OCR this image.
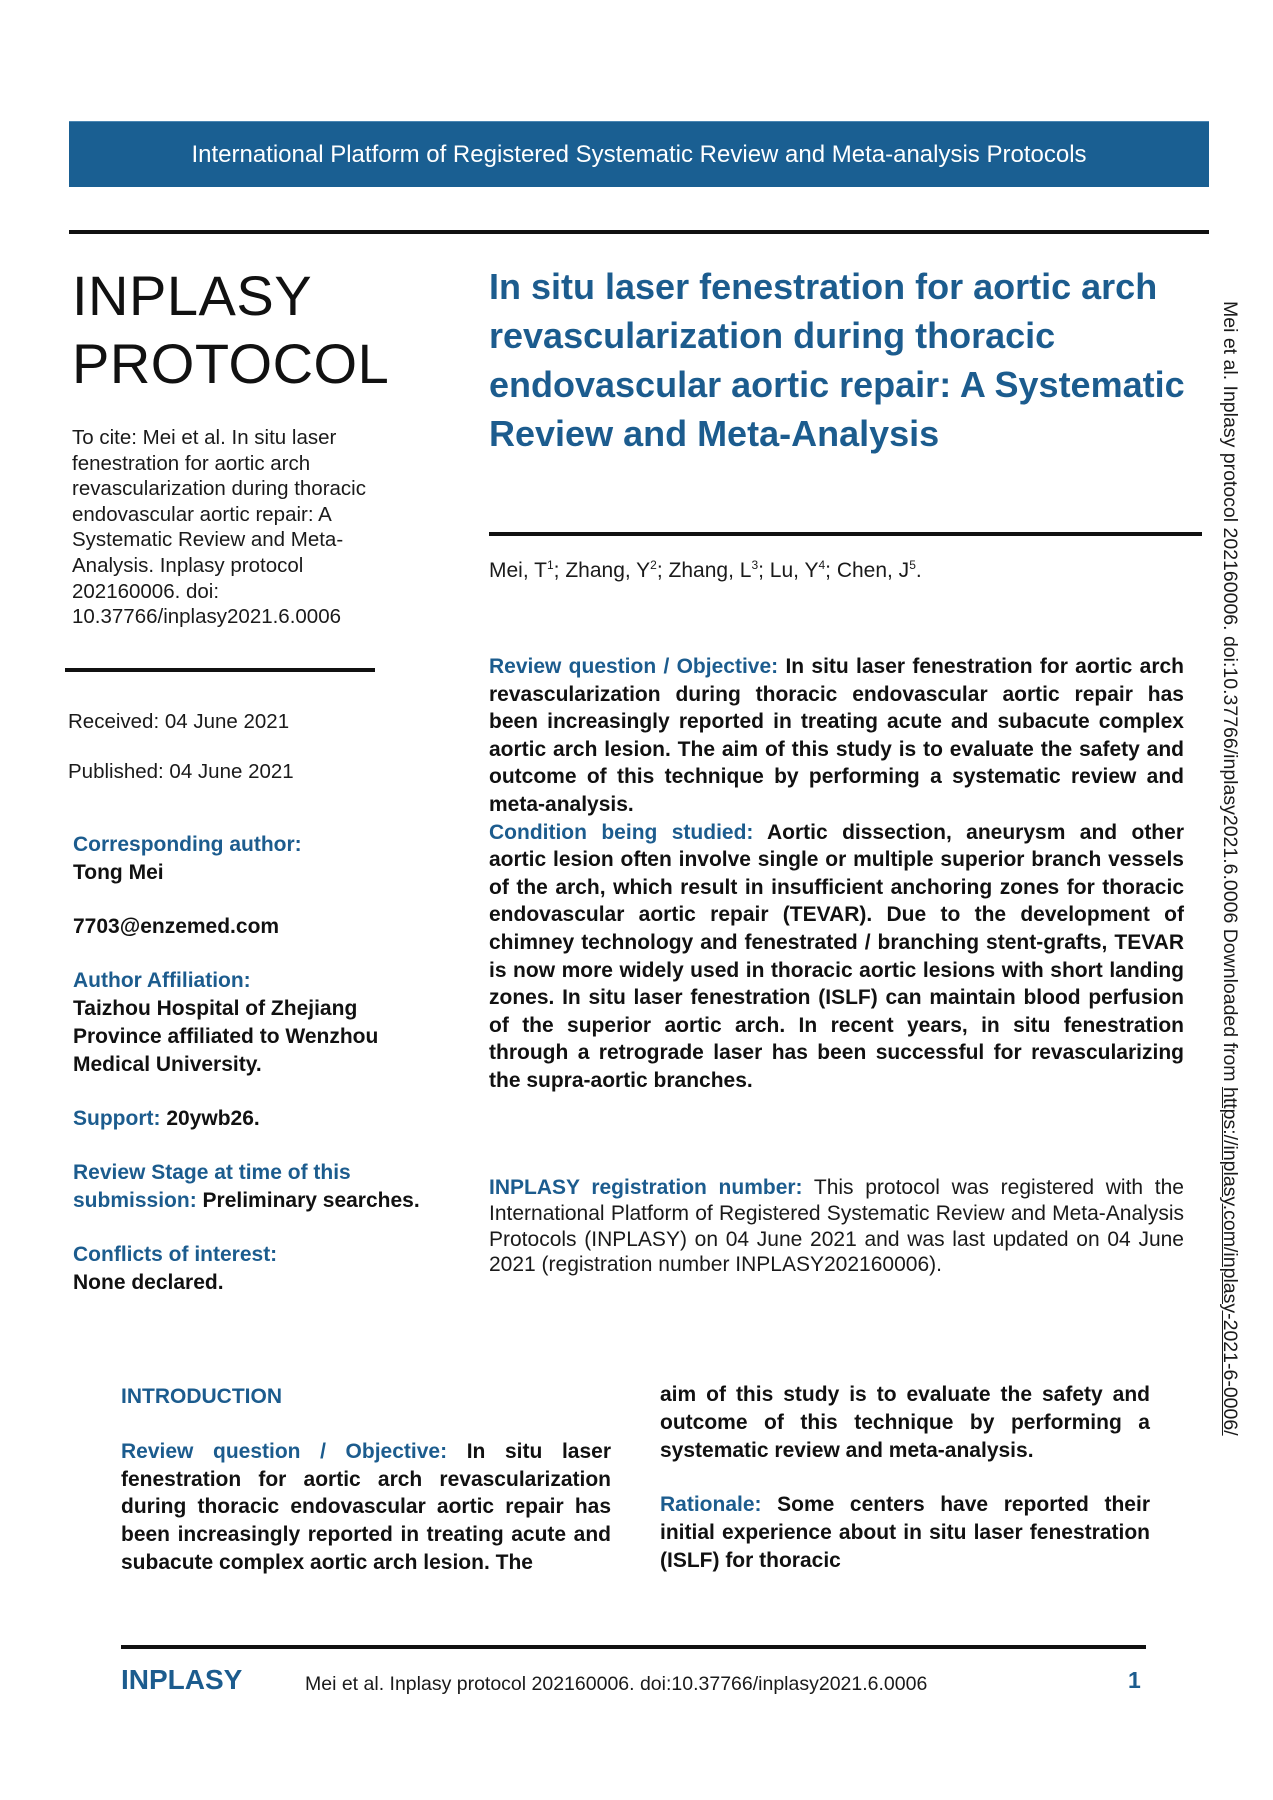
International Platform of Registered Systematic Review and Meta-analysis Protocols
INPLASY
PROTOCOL
To cite: Mei et al. In situ laser fenestration for aortic arch revascularization during thoracic endovascular aortic repair: A Systematic Review and Meta-Analysis. Inplasy protocol 202160006. doi: 10.37766/inplasy2021.6.0006
Received: 04 June 2021
Published: 04 June 2021
Corresponding author:
Tong Mei
7703@enzemed.com
Author Affiliation:
Taizhou Hospital of Zhejiang Province affiliated to Wenzhou Medical University.
Support: 20ywb26.
Review Stage at time of this submission: Preliminary searches.
Conflicts of interest:
None declared.
In situ laser fenestration for aortic arch revascularization during thoracic endovascular aortic repair: A Systematic Review and Meta-Analysis
Mei, $T^1$; Zhang, $Y^2$; Zhang, $L^3$; Lu, $Y^4$; Chen, $J^5$.

Review question / Objective: In situ laser fenestration for aortic arch revascularization during thoracic endovascular aortic repair has been increasingly reported in treating acute and subacute complex aortic arch lesion. The aim of this study is to evaluate the safety and outcome of this technique by performing a systematic review and meta-analysis.

Condition being studied: Aortic dissection, aneurysm and other aortic lesion often involve single or multiple superior branch vessels of the arch, which result in insufficient anchoring zones for thoracic endovascular aortic repair (TEVAR). Due to the development of chimney technology and fenestrated / branching stent-grafts, TEVAR is now more widely used in thoracic aortic lesions with short landing zones. In situ laser fenestration (ISLF) can maintain blood perfusion of the superior aortic arch. In recent years, in situ fenestration through a retrograde laser has been successful for revascularizing the supra-aortic branches.

INPLASY registration number: This protocol was registered with the International Platform of Registered Systematic Review and Meta-Analysis Protocols (INPLASY) on 04 June 2021 and was last updated on 04 June 2021 (registration number INPLASY202160006).
INTRODUCTION

Review question / Objective: In situ laser fenestration for aortic arch revascularization during thoracic endovascular aortic repair has been increasingly reported in treating acute and subacute complex aortic arch lesion. The

aim of this study is to evaluate the safety and outcome of this technique by performing a systematic review and meta-analysis.

Rationale: Some centers have reported their initial experience about in situ laser fenestration (ISLF) for thoracic

INPLASY	Mei et al. Inplasy protocol 202160006. doi:10.37766/inplasy2021.6.0006	1
Mei et al. Inplasy protocol 202160006. doi:10.37766/inplasy2021.6.0006 Downloaded from https://inplasy.com/inplasy-2021-6-0006/
